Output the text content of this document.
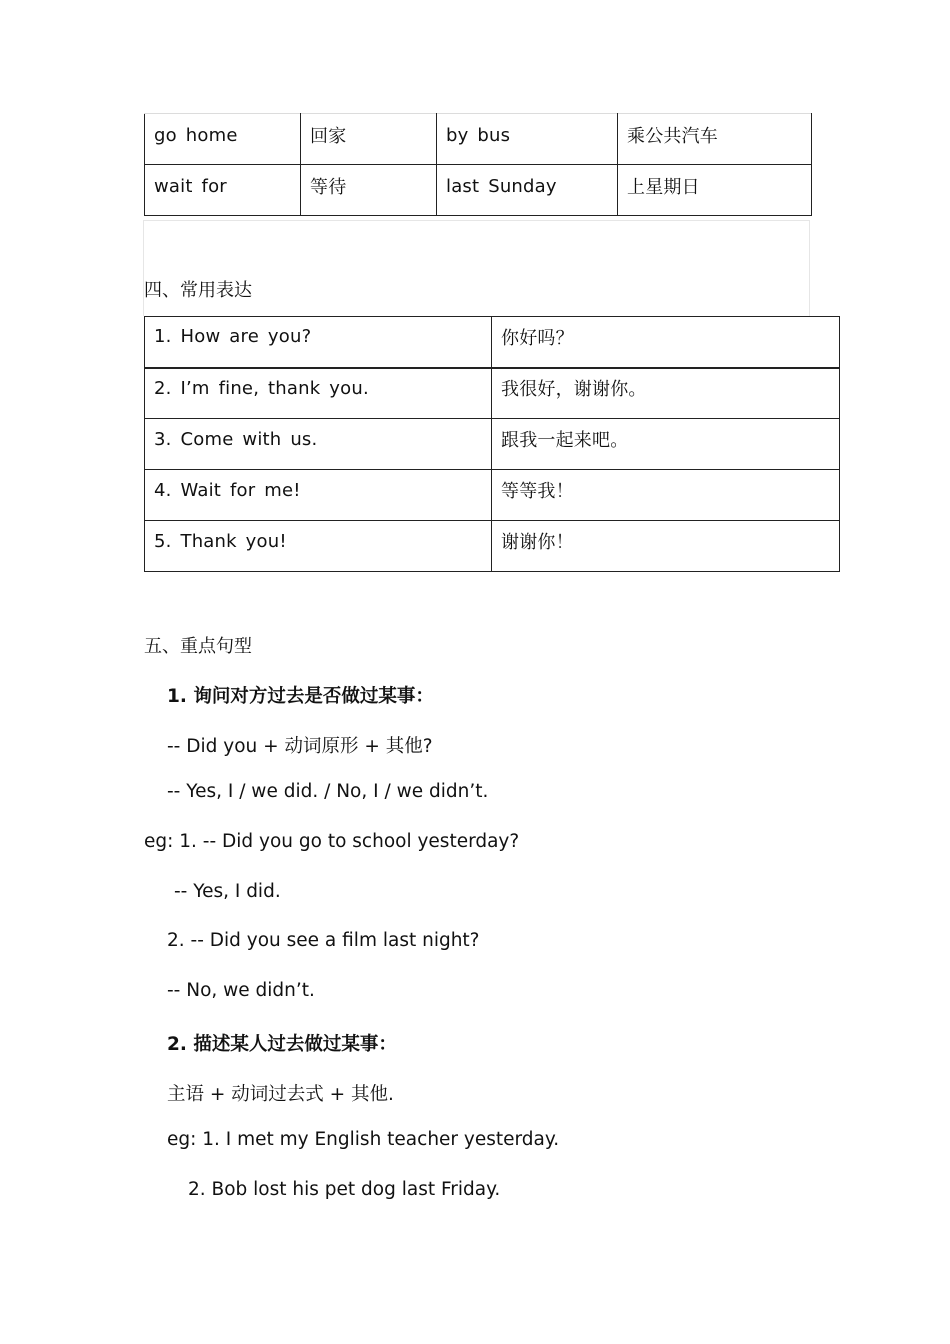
go home	回家	by bus	乘公共汽车
wait for	等待	last Sunday	上星期日
四、常用表达
1. How are you?	你好吗？
2. I’m fine, thank you.	我很好，谢谢你。
3. Come with us.	跟我一起来吧。
4. Wait for me!	等等我！
5. Thank you!	谢谢你！
五、重点句型
1. 询问对方过去是否做过某事：
-- Did you + 动词原形 + 其他?
-- Yes, I / we did. / No, I / we didn’t.
eg: 1. -- Did you go to school yesterday?
-- Yes, I did.
2. -- Did you see a film last night?
-- No, we didn’t.
2. 描述某人过去做过某事：
主语 + 动词过去式 + 其他.
eg: 1. I met my English teacher yesterday.
2. Bob lost his pet dog last Friday.
